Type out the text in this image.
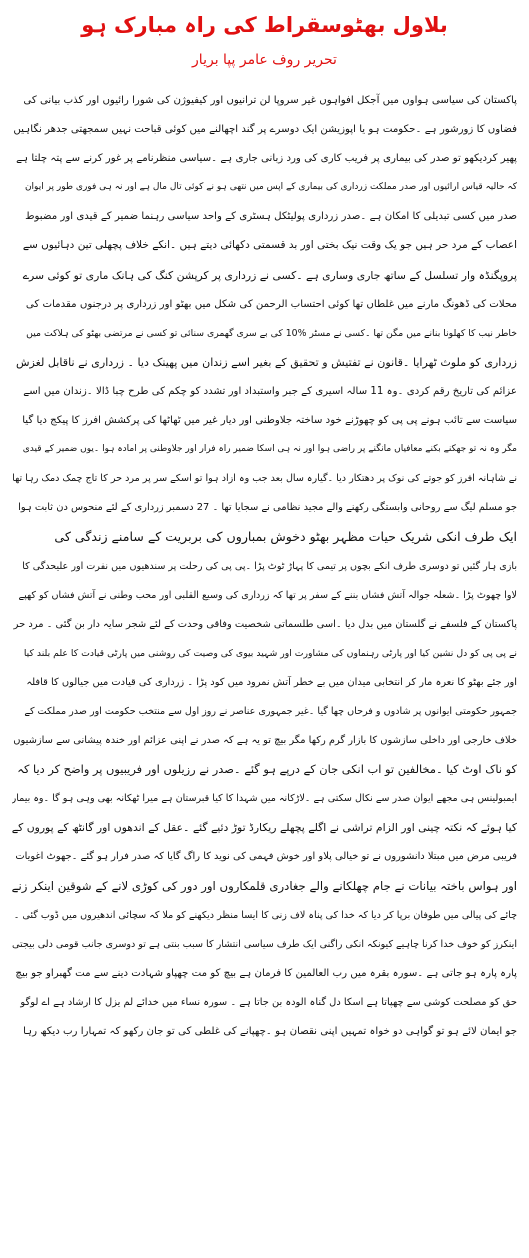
بلاول بھٹوسقراط کی راہ مبارک ہو
تحریر روف عامر پپا بریار
پاکستان کی سیاسی ہواوں میں آجکل افواہوں غیر سروپا لن ترانیوں اور کیفیوژن کی شورا رائیوں اور کذب بیانی کی
فضاوں کا زورشور ہے ۔حکومت ہو یا اپوزیشن ایک دوسرے پر گند اچھالنے میں کوئی قباحت نہیں سمجھتی جدھر نگاہیں
پھیر کردیکھو تو صدر کی بیماری پر فریب کاری کی ورد زبانی جاری ہے ۔سیاسی منظرنامے پر غور کرنے سے پتہ چلتا ہے
کہ حالیہ قیاس ارائیوں اور صدر مملکت زرداری کی بیماری کے اپس میں نتھی ہو نے کوئی تال مال ہے اور نہ ہی فوری طور پر ایوان
صدر میں کسی تبدیلی کا امکان ہے ۔صدر زرداری پولیٹکل ہسٹری کے واحد سیاسی رہنما ضمیر کے قیدی اور مضبوط
اعصاب کے مرد حر ہیں جو یک وقت نیک بختی اور بد قسمتی دکھائی دیتے ہیں ۔انکے خلاف پچھلی تین دہائیوں سے
پروپگنڈہ وار تسلسل کے ساتھ جاری وساری ہے ۔کسی نے زرداری پر کرپشن کنگ کی ہانک ماری تو کوئی سرے
محلات کی ڈھونگ مارنے میں غلطاں تھا کوئی احتساب الرحمن کی شکل میں بھٹو اور زرداری پر درجنوں مقدمات کی
خاطر نیب کا کھلونا بنانے میں مگن تھا ۔کسی نے مسٹر %10 کی بے سری گھمری سنائی تو کسی نے مرتضی بھٹو کی ہلاکت میں
زرداری کو ملوث ٹھرایا ۔قانون نے تفتیش و تحقیق کے بغیر اسے زندان میں پھینک دیا ۔ زرداری نے ناقابل لغزش
عزائم کی تاریخ رقم کردی ۔وہ 11 سالہ اسیری کے جبر واستبداد اور تشدد کو چکم کی طرح چبا ڈالا ۔زندان میں اسے
سیاست سے تائب ہونے پی پی کو چھوڑنے خود ساختہ جلاوطنی اور دیار غیر میں ٹھاٹھا کی پرکشش افرز کا پیکج دیا گیا
مگر وہ نہ تو جھکنے بکنے معافیاں مانگنے پر راضی ہوا اور نہ ہی اسکا ضمیر راہ فرار اور جلاوطنی پر امادہ ہوا ۔یوں ضمیر کے قیدی
نے شاہانہ افرز کو جوتے کی نوک پر دھتکار دیا ۔گیارہ سال بعد جب وہ ازاد ہوا تو اسکے سر پر مرد حر کا تاج چمک دمک رہا تھا
جو مسلم لیگ سے روحانی وابستگی رکھنے والے مجید نظامی نے سجایا تھا ۔ 27 دسمبر زرداری کے لئے منحوس دن ثابت ہوا
ایک طرف انکی شریک حیات مظہر بھٹو دخوش بمباروں کی بربریت کے سامنے زندگی کی
بازی ہار گئیں تو دوسری طرف انکے بچوں پر تیمی کا پہاڑ ٹوٹ پڑا ۔پی پی کی رحلت پر سندھیوں میں نفرت اور علیحدگی کا
لاوا چھوٹ پڑا ۔شعلہ جوالہ آتش فشاں بننے کے سفر پر تھا کہ زرداری کی وسیع القلبی اور محب وطنی نے آتش فشاں کو کھپے
پاکستان کے فلسفے نے گلستان میں بدل دیا ۔اسی طلسماتی شخصیت وفاقی وحدت کے لئے شجر سایہ دار بن گئی ۔ مرد حر
نے پی پی کو دل نشین کیا اور پارٹی رہنماوں کی مشاورت اور شہید بیوی کی وصیت کی روشنی میں پارٹی قیادت کا علم بلند کیا
اور جئے بھٹو کا نعرہ مار کر انتخابی میدان میں بے خطر آتش نمرود میں کود پڑا ۔ زرداری کی قیادت میں جیالوں کا قافلہ
جمہور حکومتی ایوانوں پر شادوں و فرحاں چھا گیا ۔غیر جمہوری عناصر نے روز اول سے منتخب حکومت اور صدر مملکت کے
خلاف خارجی اور داخلی سازشوں کا بازار گرم رکھا مگر بیچ تو یہ ہے کہ صدر نے اپنی عزائم اور خندہ پیشانی سے سازشیوں
کو ناک اوٹ کیا ۔مخالفین تو اب انکی جان کے درپے ہو گئے ۔صدر نے رزیلوں اور فریبیوں پر واضح کر دیا کہ
ایمبولینس ہی مجھے ایوان صدر سے نکال سکتی ہے ۔لاڑکانہ میں شہدا کا کیا قبرستان ہے میرا ٹھکانہ بھی وہی ہو گا ۔وہ بیمار
کیا ہوئے کہ نکتہ چینی اور الزام تراشی نے اگلے پچھلے ریکارڈ توڑ دئیے گئے ۔عقل کے اندھوں اور گانٹھ کے پوروں کے
فریبی مرض میں مبتلا دانشوروں نے تو خیالی پلاو اور خوش فہمی کی نوید کا راگ گایا کہ صدر فرار ہو گئے ۔جھوٹ اغویات
اور ہواس باختہ بیانات نے جام چھلکانے والے جغادری قلمکاروں اور دور کی کوڑی لانے کے شوقین اینکر زنے
چائے کی پیالی میں طوفان برپا کر دیا کہ خدا کی پناہ لاف زنی کا ایسا منظر دیکھنے کو ملا کہ سچائی اندھیروں میں ڈوب گئی ۔
اینکرز کو خوف خدا کرنا چاہیے کیونکہ انکی راگنی ایک طرف سیاسی انتشار کا سبب بنتی ہے تو دوسری جانب قومی دلی بیجتی
پارہ پارہ ہو جاتی ہے ۔سورہ بقرہ میں رب العالمین کا فرمان ہے بیچ کو مت چھپاو شہادت دینے سے مت گھبراو جو بیچ
حق کو مصلحت کوشی سے چھپاتا ہے اسکا دل گناہ الودہ بن جاتا ہے ۔ سورہ نساء میں خدائے لم یزل کا ارشاد ہے اے لوگو
جو ایمان لائے ہو تو گواہی دو خواہ تمہیں اپنی نقصان ہو ۔چھپانے کی غلطی کی تو جان رکھو کہ تمہارا رب دیکھ رہا
